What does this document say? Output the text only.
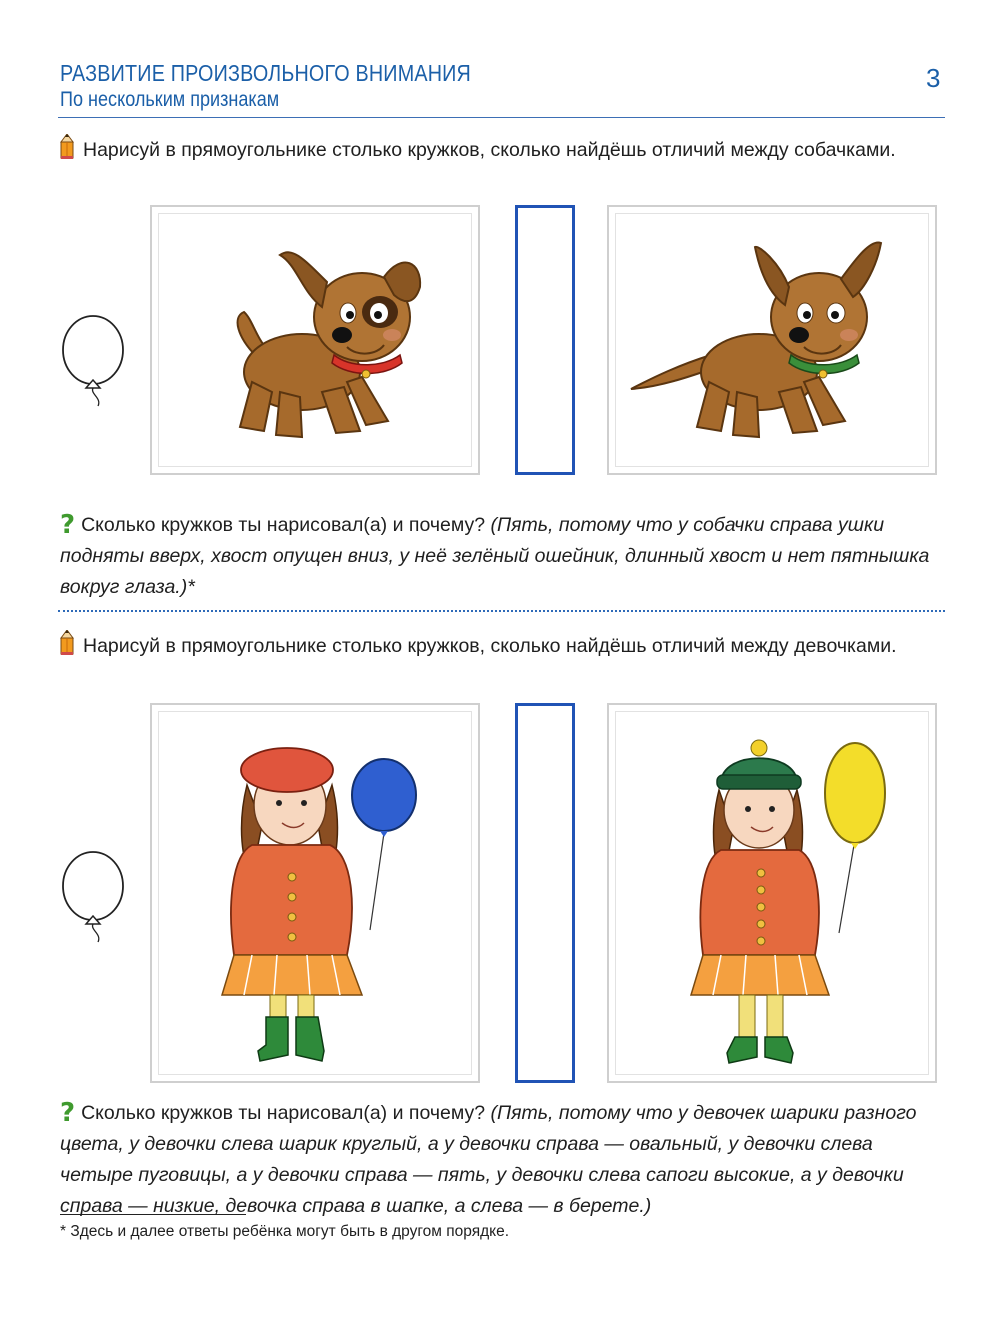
РАЗВИТИЕ ПРОИЗВОЛЬНОГО ВНИМАНИЯ
По нескольким признакам
3
Нарисуй в прямоугольнике столько кружков, сколько найдёшь отличий между собачками.
? Сколько кружков ты нарисовал(а) и почему? (Пять, потому что у собачки справа ушки подняты вверх, хвост опущен вниз, у неё зелёный ошейник, длинный хвост и нет пятнышка вокруг глаза.)*
Нарисуй в прямоугольнике столько кружков, сколько найдёшь отличий между девочками.
? Сколько кружков ты нарисовал(а) и почему? (Пять, потому что у девочек шарики разного цвета, у девочки слева шарик круглый, а у девочки справа — овальный, у девочки слева четыре пуговицы, а у девочки справа — пять, у девочки слева сапоги высокие, а у девочки справа — низкие, девочка справа в шапке, а слева — в берете.)
* Здесь и далее ответы ребёнка могут быть в другом порядке.
